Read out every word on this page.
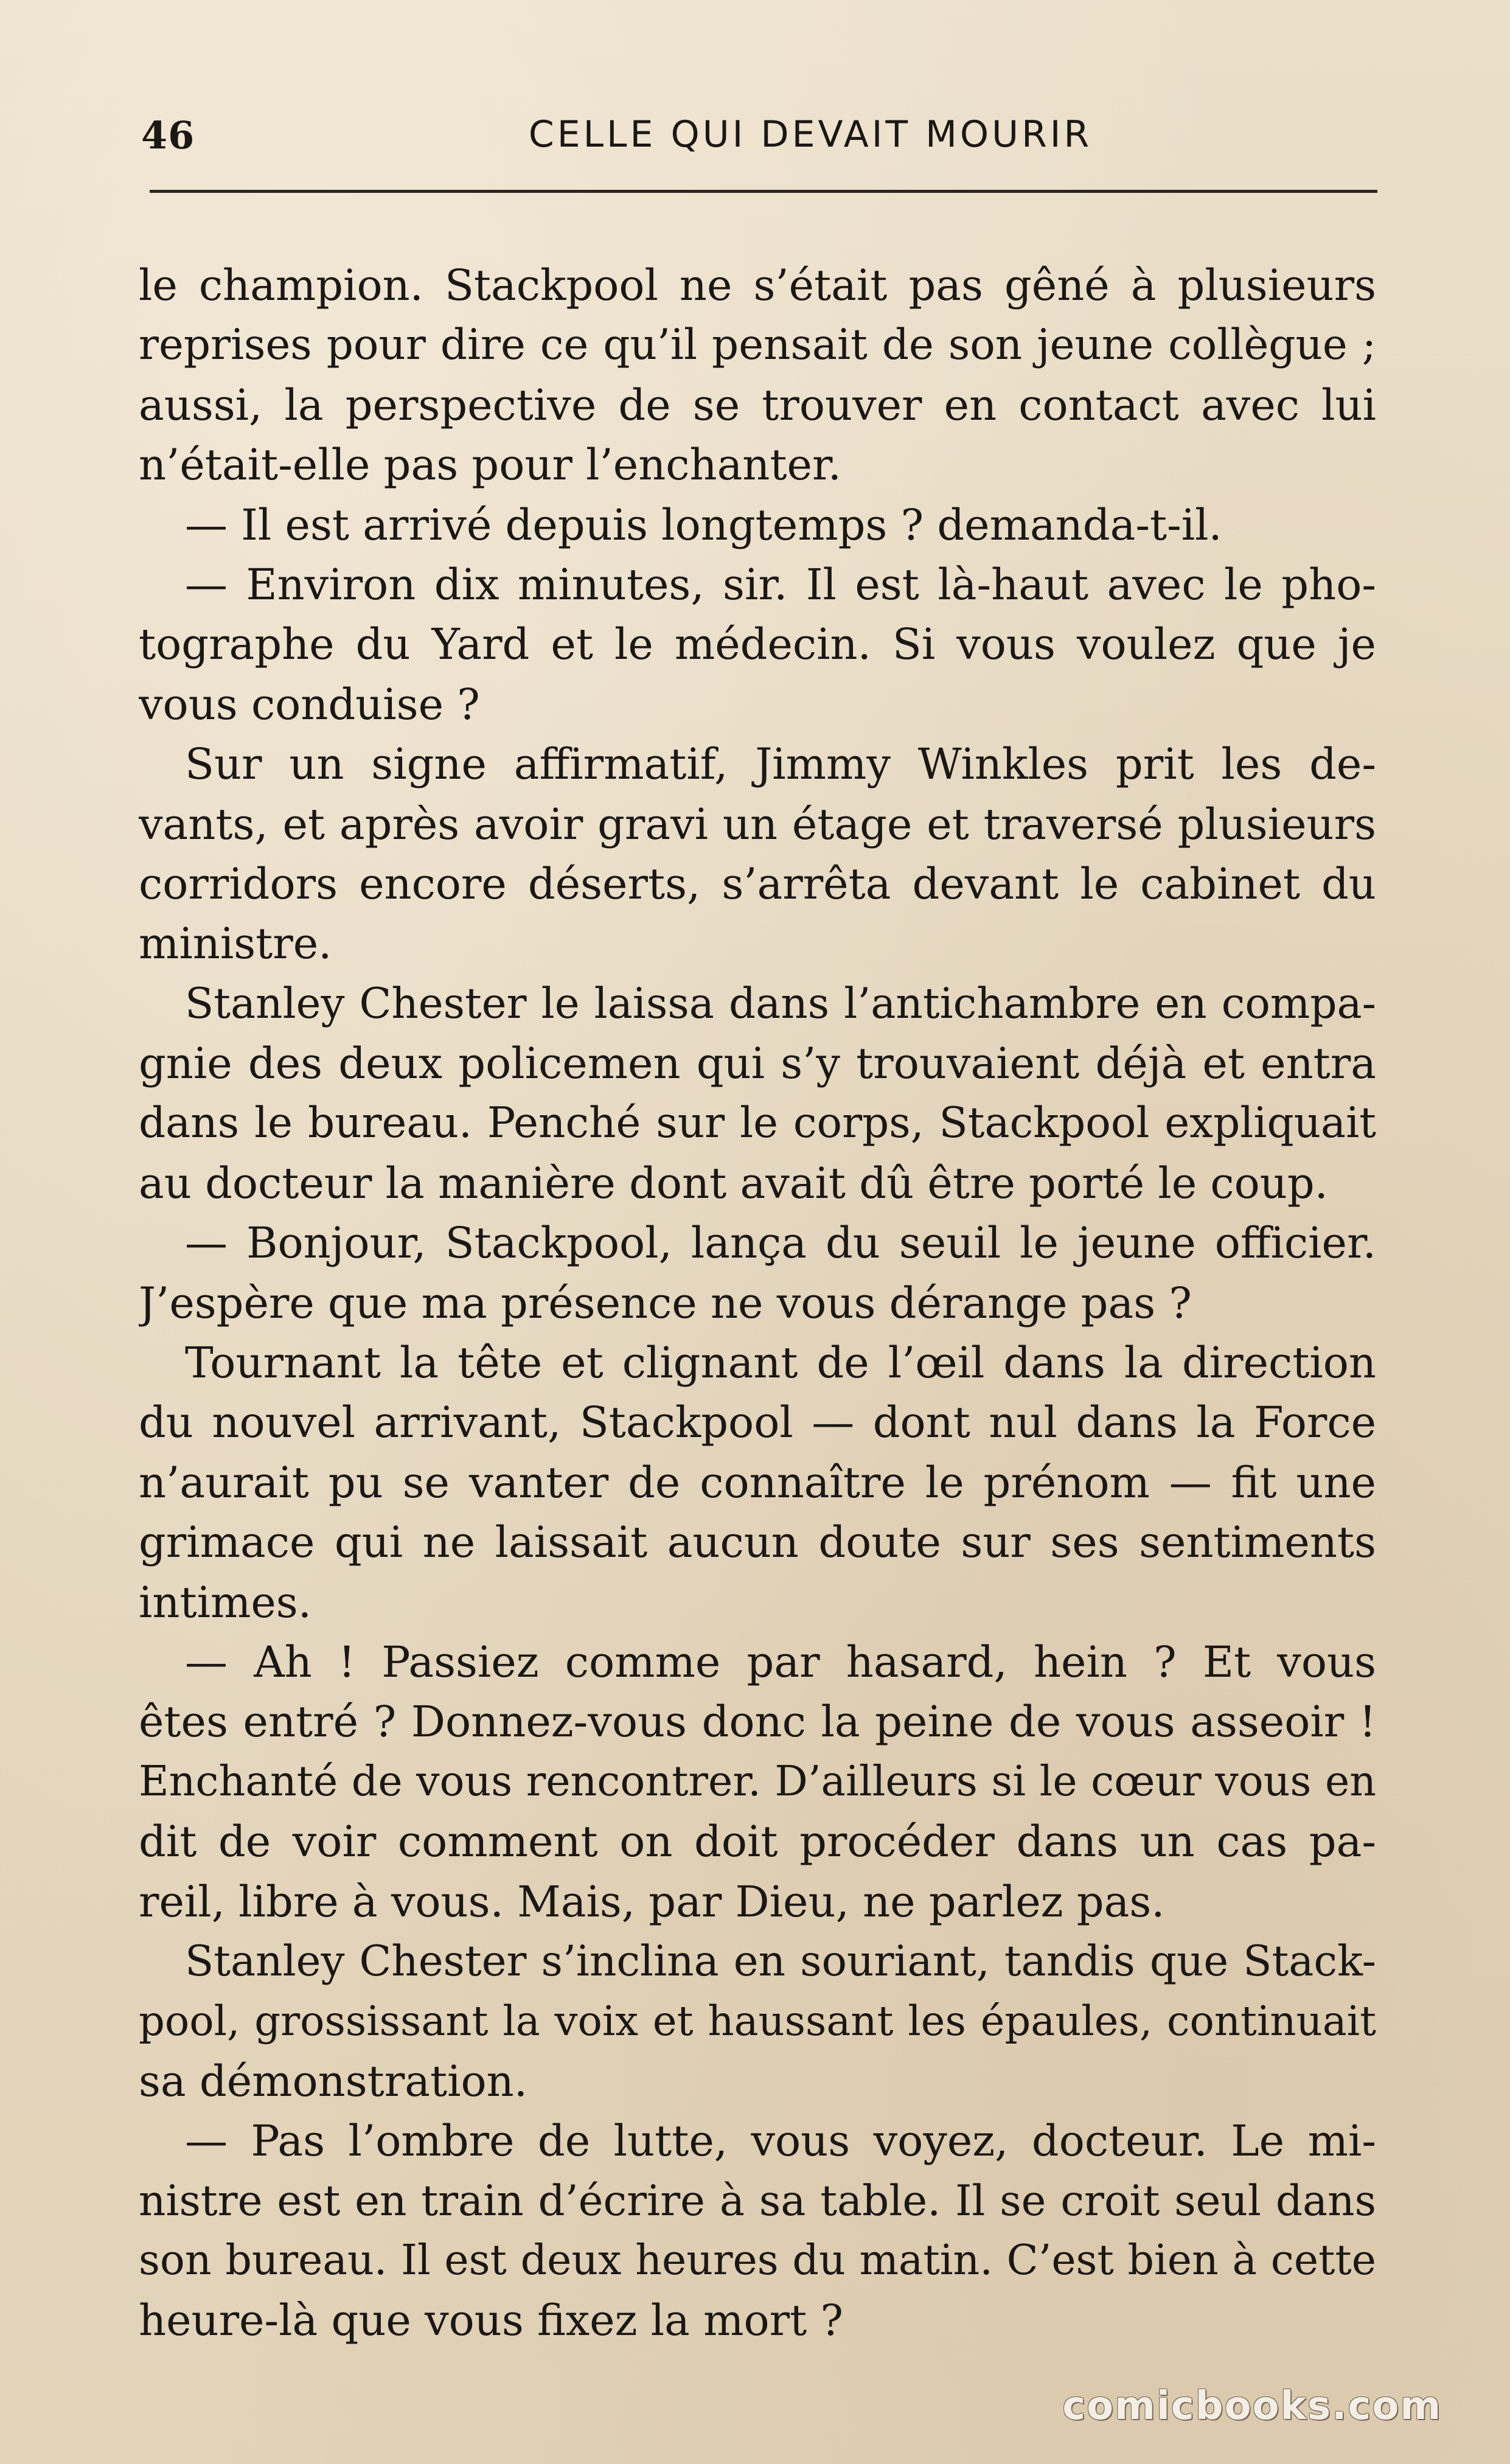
46	CELLE QUI DEVAIT MOURIR
le champion. Stackpool ne s’était pas gêné à plusieurs
reprises pour dire ce qu’il pensait de son jeune collègue ;
aussi, la perspective de se trouver en contact avec lui
n’était-elle pas pour l’enchanter.
— Il est arrivé depuis longtemps ? demanda-t-il.
— Environ dix minutes, sir. Il est là-haut avec le pho-
tographe du Yard et le médecin. Si vous voulez que je
vous conduise ?
Sur un signe affirmatif, Jimmy Winkles prit les de-
vants, et après avoir gravi un étage et traversé plusieurs
corridors encore déserts, s’arrêta devant le cabinet du
ministre.
Stanley Chester le laissa dans l’antichambre en compa-
gnie des deux policemen qui s’y trouvaient déjà et entra
dans le bureau. Penché sur le corps, Stackpool expliquait
au docteur la manière dont avait dû être porté le coup.
— Bonjour, Stackpool, lança du seuil le jeune officier.
J’espère que ma présence ne vous dérange pas ?
Tournant la tête et clignant de l’œil dans la direction
du nouvel arrivant, Stackpool — dont nul dans la Force
n’aurait pu se vanter de connaître le prénom — fit une
grimace qui ne laissait aucun doute sur ses sentiments
intimes.
— Ah ! Passiez comme par hasard, hein ? Et vous
êtes entré ? Donnez-vous donc la peine de vous asseoir !
Enchanté de vous rencontrer. D’ailleurs si le cœur vous en
dit de voir comment on doit procéder dans un cas pa-
reil, libre à vous. Mais, par Dieu, ne parlez pas.
Stanley Chester s’inclina en souriant, tandis que Stack-
pool, grossissant la voix et haussant les épaules, continuait
sa démonstration.
— Pas l’ombre de lutte, vous voyez, docteur. Le mi-
nistre est en train d’écrire à sa table. Il se croit seul dans
son bureau. Il est deux heures du matin. C’est bien à cette
heure-là que vous fixez la mort ?
comicbooks.com
